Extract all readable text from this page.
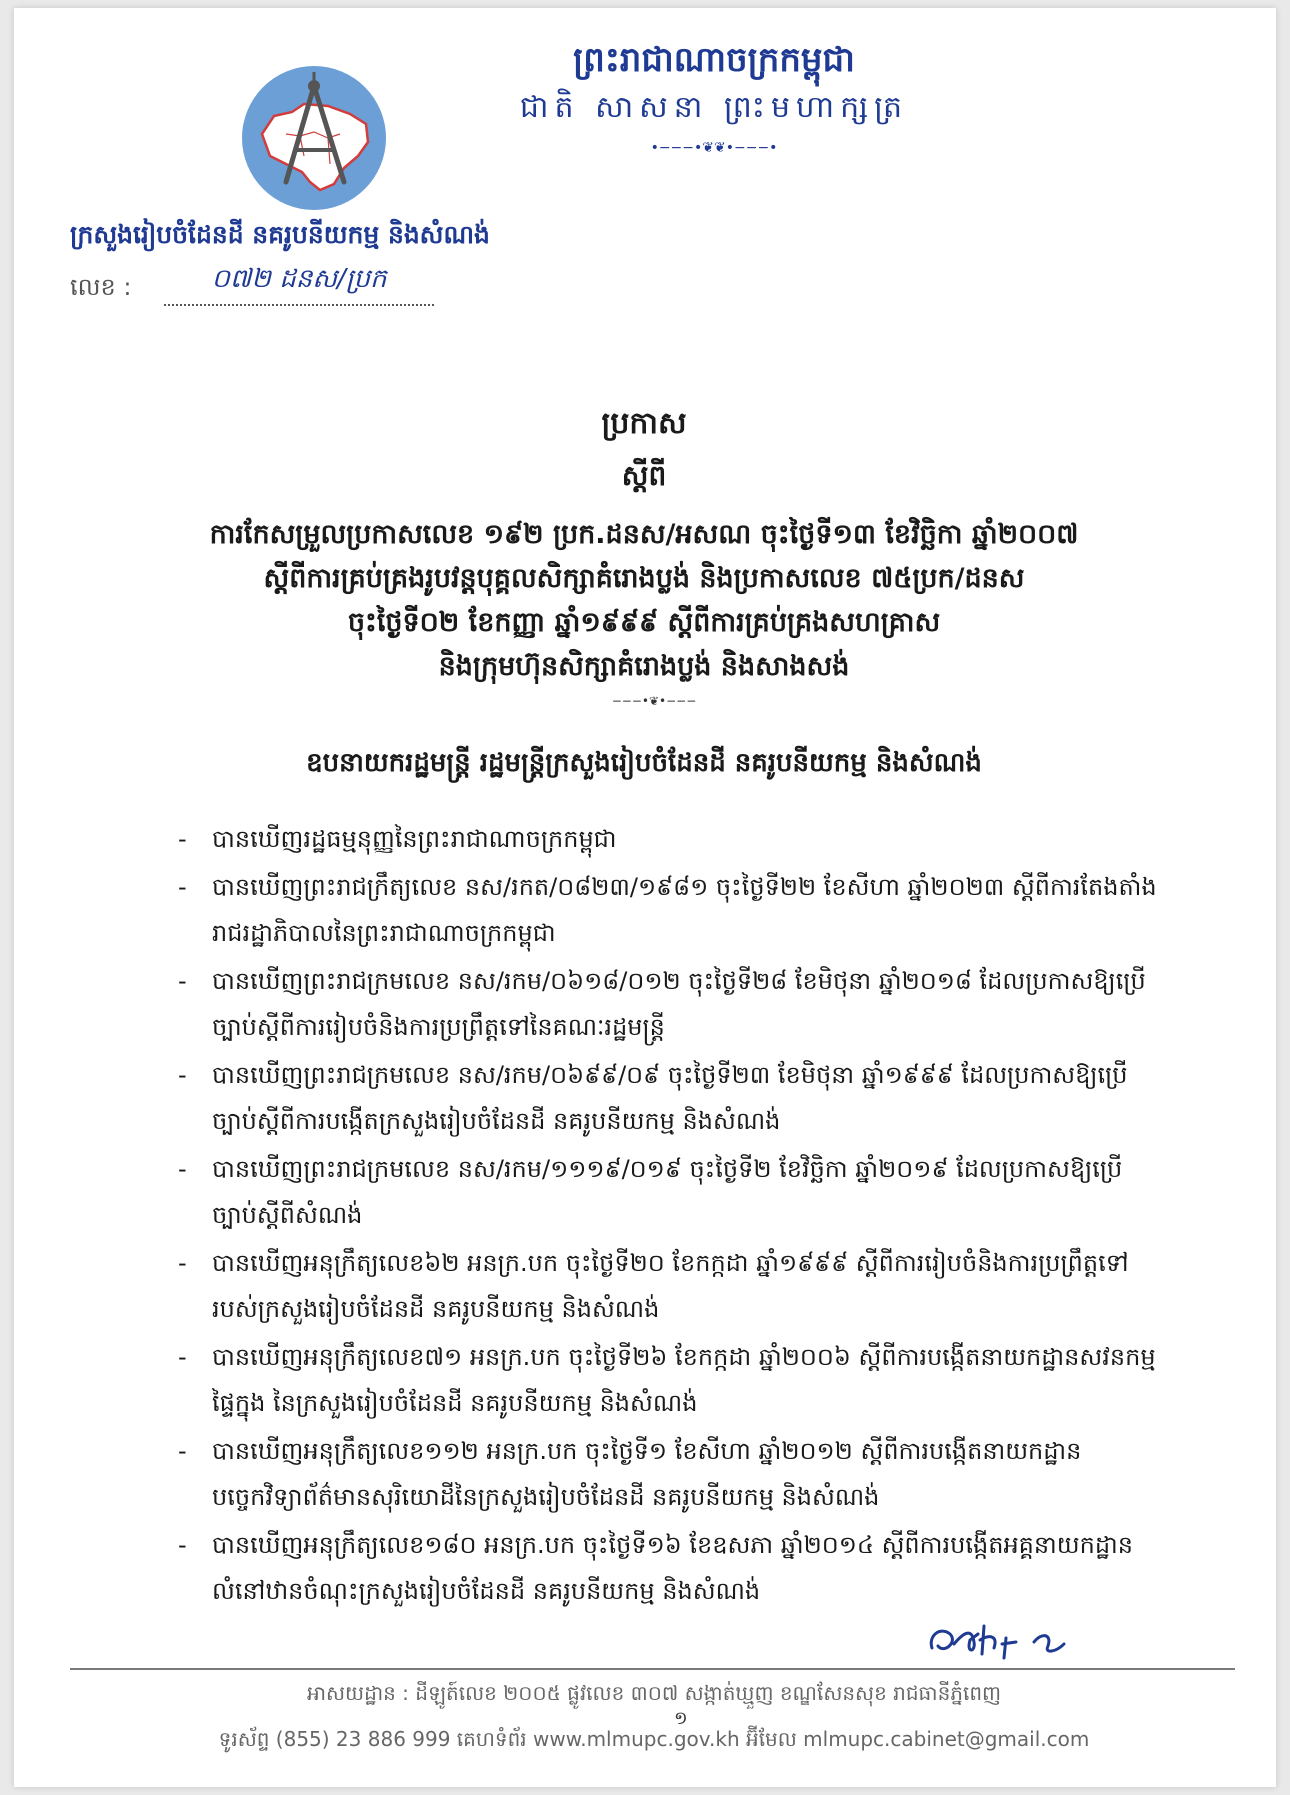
ព្រះរាជាណាចក្រកម្ពុជា
ជាតិ សាសនា ព្រះមហាក្សត្រ
•−−−•❦❦•−−−•
ក្រសួងរៀបចំដែនដី នគរូបនីយកម្ម និងសំណង់
លេខ :	០៧២ ដនស/ប្រក
ប្រកាស
ស្ដីពី
ការកែសម្រួលប្រកាសលេខ ១៩២ ប្រក.ដនស/អសណ ចុះថ្ងៃទី១៣ ខែវិច្ឆិកា ឆ្នាំ២០០៧
ស្ដីពីការគ្រប់គ្រងរូបវន្តបុគ្គលសិក្សាគំរោងប្លង់ និងប្រកាសលេខ ៧៥ប្រក/ដនស
ចុះថ្ងៃទី០២ ខែកញ្ញា ឆ្នាំ១៩៩៩ ស្ដីពីការគ្រប់គ្រងសហគ្រាស
និងក្រុមហ៊ុនសិក្សាគំរោងប្លង់ និងសាងសង់
−−−•❦•−−−
ឧបនាយករដ្ឋមន្ត្រី រដ្ឋមន្ត្រីក្រសួងរៀបចំដែនដី នគរូបនីយកម្ម និងសំណង់
- បានឃើញរដ្ឋធម្មនុញ្ញនៃព្រះរាជាណាចក្រកម្ពុជា
- បានឃើញព្រះរាជក្រឹត្យលេខ នស/រកត/០៨២៣/១៩៨១ ចុះថ្ងៃទី២២ ខែសីហា ឆ្នាំ២០២៣ ស្ដីពីការតែងតាំងរាជរដ្ឋាភិបាលនៃព្រះរាជាណាចក្រកម្ពុជា
- បានឃើញព្រះរាជក្រមលេខ នស/រកម/០៦១៨/០១២ ចុះថ្ងៃទី២៨ ខែមិថុនា ឆ្នាំ២០១៨ ដែលប្រកាសឱ្យប្រើច្បាប់ស្ដីពីការរៀបចំនិងការប្រព្រឹត្តទៅនៃគណៈរដ្ឋមន្ត្រី
- បានឃើញព្រះរាជក្រមលេខ នស/រកម/០៦៩៩/០៩ ចុះថ្ងៃទី២៣ ខែមិថុនា ឆ្នាំ១៩៩៩ ដែលប្រកាសឱ្យប្រើច្បាប់ស្ដីពីការបង្កើតក្រសួងរៀបចំដែនដី នគរូបនីយកម្ម និងសំណង់
- បានឃើញព្រះរាជក្រមលេខ នស/រកម/១១១៩/០១៩ ចុះថ្ងៃទី២ ខែវិច្ឆិកា ឆ្នាំ២០១៩ ដែលប្រកាសឱ្យប្រើច្បាប់ស្ដីពីសំណង់
- បានឃើញអនុក្រឹត្យលេខ៦២ អនក្រ.បក ចុះថ្ងៃទី២០ ខែកក្កដា ឆ្នាំ១៩៩៩ ស្ដីពីការរៀបចំនិងការប្រព្រឹត្តទៅរបស់ក្រសួងរៀបចំដែនដី នគរូបនីយកម្ម និងសំណង់
- បានឃើញអនុក្រឹត្យលេខ៧១ អនក្រ.បក ចុះថ្ងៃទី២៦ ខែកក្កដា ឆ្នាំ២០០៦ ស្ដីពីការបង្កើតនាយកដ្ឋានសវនកម្មផ្ទៃក្នុង នៃក្រសួងរៀបចំដែនដី នគរូបនីយកម្ម និងសំណង់
- បានឃើញអនុក្រឹត្យលេខ១១២ អនក្រ.បក ចុះថ្ងៃទី១ ខែសីហា ឆ្នាំ២០១២ ស្ដីពីការបង្កើតនាយកដ្ឋានបច្ចេកវិទ្យាព័ត៌មានសុរិយោដីនៃក្រសួងរៀបចំដែនដី នគរូបនីយកម្ម និងសំណង់
- បានឃើញអនុក្រឹត្យលេខ១៨០ អនក្រ.បក ចុះថ្ងៃទី១៦ ខែឧសភា ឆ្នាំ២០១៤ ស្ដីពីការបង្កើតអគ្គនាយកដ្ឋានលំនៅឋានចំណុះក្រសួងរៀបចំដែនដី នគរូបនីយកម្ម និងសំណង់
អាសយដ្ឋាន : ដីឡូត៍លេខ ២០០៥ ផ្លូវលេខ ៣០៧ សង្កាត់ឃ្មួញ ខណ្ឌសែនសុខ រាជធានីភ្នំពេញ
១
ទូរស័ព្ទ (855) 23 886 999 គេហទំព័រ www.mlmupc.gov.kh អ៊ីមែល mlmupc.cabinet@gmail.com
